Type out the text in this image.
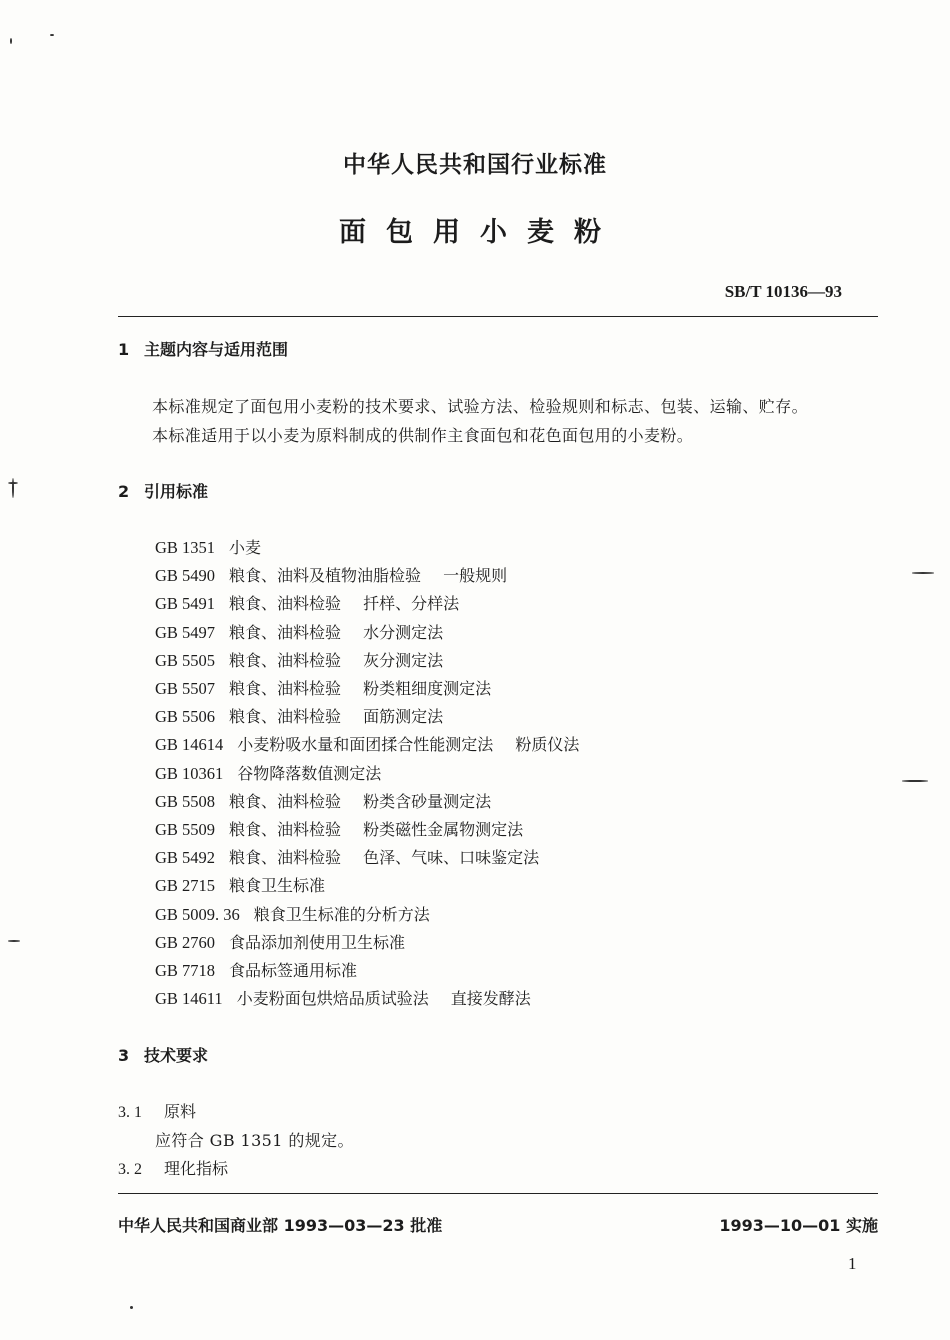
中华人民共和国行业标准
面包用小麦粉
SB/T 10136—93
1 主题内容与适用范围
本标准规定了面包用小麦粉的技术要求、试验方法、检验规则和标志、包装、运输、贮存。
本标准适用于以小麦为原料制成的供制作主食面包和花色面包用的小麦粉。
2 引用标准
GB 1351 小麦
GB 5490 粮食、油料及植物油脂检验 一般规则
GB 5491 粮食、油料检验 扦样、分样法
GB 5497 粮食、油料检验 水分测定法
GB 5505 粮食、油料检验 灰分测定法
GB 5507 粮食、油料检验 粉类粗细度测定法
GB 5506 粮食、油料检验 面筋测定法
GB 14614 小麦粉吸水量和面团揉合性能测定法 粉质仪法
GB 10361 谷物降落数值测定法
GB 5508 粮食、油料检验 粉类含砂量测定法
GB 5509 粮食、油料检验 粉类磁性金属物测定法
GB 5492 粮食、油料检验 色泽、气味、口味鉴定法
GB 2715 粮食卫生标准
GB 5009. 36 粮食卫生标准的分析方法
GB 2760 食品添加剂使用卫生标准
GB 7718 食品标签通用标准
GB 14611 小麦粉面包烘焙品质试验法 直接发酵法
3 技术要求
3. 1 原料
应符合 GB 1351 的规定。
3. 2 理化指标
中华人民共和国商业部 1993—03—23 批准	1993—10—01 实施
1
